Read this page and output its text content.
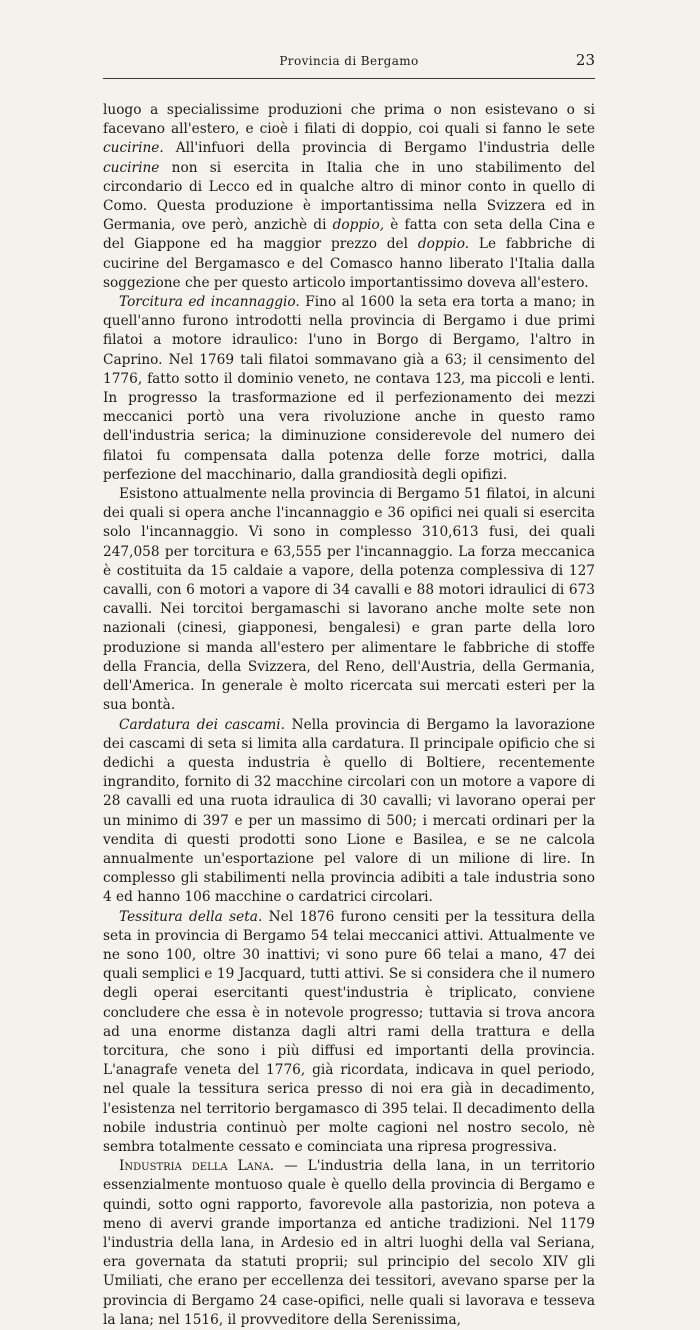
Provincia di Bergamo	23

luogo a specialissime produzioni che prima o non esistevano o si facevano all'estero, e cioè i filati di doppio, coi quali si fanno le sete cucirine. All'infuori della provincia di Bergamo l'industria delle cucirine non si esercita in Italia che in uno stabilimento del circondario di Lecco ed in qualche altro di minor conto in quello di Como. Questa produzione è importantissima nella Svizzera ed in Germania, ove però, anzichè di doppio, è fatta con seta della Cina e del Giappone ed ha maggior prezzo del doppio. Le fabbriche di cucirine del Bergamasco e del Comasco hanno liberato l'Italia dalla soggezione che per questo articolo importantissimo doveva all'estero.

Torcitura ed incannaggio. Fino al 1600 la seta era torta a mano; in quell'anno furono introdotti nella provincia di Bergamo i due primi filatoi a motore idraulico: l'uno in Borgo di Bergamo, l'altro in Caprino. Nel 1769 tali filatoi sommavano già a 63; il censimento del 1776, fatto sotto il dominio veneto, ne contava 123, ma piccoli e lenti. In progresso la trasformazione ed il perfezionamento dei mezzi meccanici portò una vera rivoluzione anche in questo ramo dell'industria serica; la diminuzione considerevole del numero dei filatoi fu compensata dalla potenza delle forze motrici, dalla perfezione del macchinario, dalla grandiosità degli opifizi.

Esistono attualmente nella provincia di Bergamo 51 filatoi, in alcuni dei quali si opera anche l'incannaggio e 36 opifici nei quali si esercita solo l'incannaggio. Vi sono in complesso 310,613 fusi, dei quali 247,058 per torcitura e 63,555 per l'incannaggio. La forza meccanica è costituita da 15 caldaie a vapore, della potenza complessiva di 127 cavalli, con 6 motori a vapore di 34 cavalli e 88 motori idraulici di 673 cavalli. Nei torcitoi bergamaschi si lavorano anche molte sete non nazionali (cinesi, giapponesi, bengalesi) e gran parte della loro produzione si manda all'estero per alimentare le fabbriche di stoffe della Francia, della Svizzera, del Reno, dell'Austria, della Germania, dell'America. In generale è molto ricercata sui mercati esteri per la sua bontà.

Cardatura dei cascami. Nella provincia di Bergamo la lavorazione dei cascami di seta si limita alla cardatura. Il principale opificio che si dedichi a questa industria è quello di Boltiere, recentemente ingrandito, fornito di 32 macchine circolari con un motore a vapore di 28 cavalli ed una ruota idraulica di 30 cavalli; vi lavorano operai per un minimo di 397 e per un massimo di 500; i mercati ordinari per la vendita di questi prodotti sono Lione e Basilea, e se ne calcola annualmente un'esportazione pel valore di un milione di lire. In complesso gli stabilimenti nella provincia adibiti a tale industria sono 4 ed hanno 106 macchine o cardatrici circolari.

Tessitura della seta. Nel 1876 furono censiti per la tessitura della seta in provincia di Bergamo 54 telai meccanici attivi. Attualmente ve ne sono 100, oltre 30 inattivi; vi sono pure 66 telai a mano, 47 dei quali semplici e 19 Jacquard, tutti attivi. Se si considera che il numero degli operai esercitanti quest'industria è triplicato, conviene concludere che essa è in notevole progresso; tuttavia si trova ancora ad una enorme distanza dagli altri rami della trattura e della torcitura, che sono i più diffusi ed importanti della provincia. L'anagrafe veneta del 1776, già ricordata, indicava in quel periodo, nel quale la tessitura serica presso di noi era già in decadimento, l'esistenza nel territorio bergamasco di 395 telai. Il decadimento della nobile industria continuò per molte cagioni nel nostro secolo, nè sembra totalmente cessato e cominciata una ripresa progressiva.

Industria della Lana. — L'industria della lana, in un territorio essenzialmente montuoso quale è quello della provincia di Bergamo e quindi, sotto ogni rapporto, favorevole alla pastorizia, non poteva a meno di avervi grande importanza ed antiche tradizioni. Nel 1179 l'industria della lana, in Ardesio ed in altri luoghi della val Seriana, era governata da statuti proprii; sul principio del secolo XIV gli Umiliati, che erano per eccellenza dei tessitori, avevano sparse per la provincia di Bergamo 24 case-opifici, nelle quali si lavorava e tesseva la lana; nel 1516, il provveditore della Serenissima,
